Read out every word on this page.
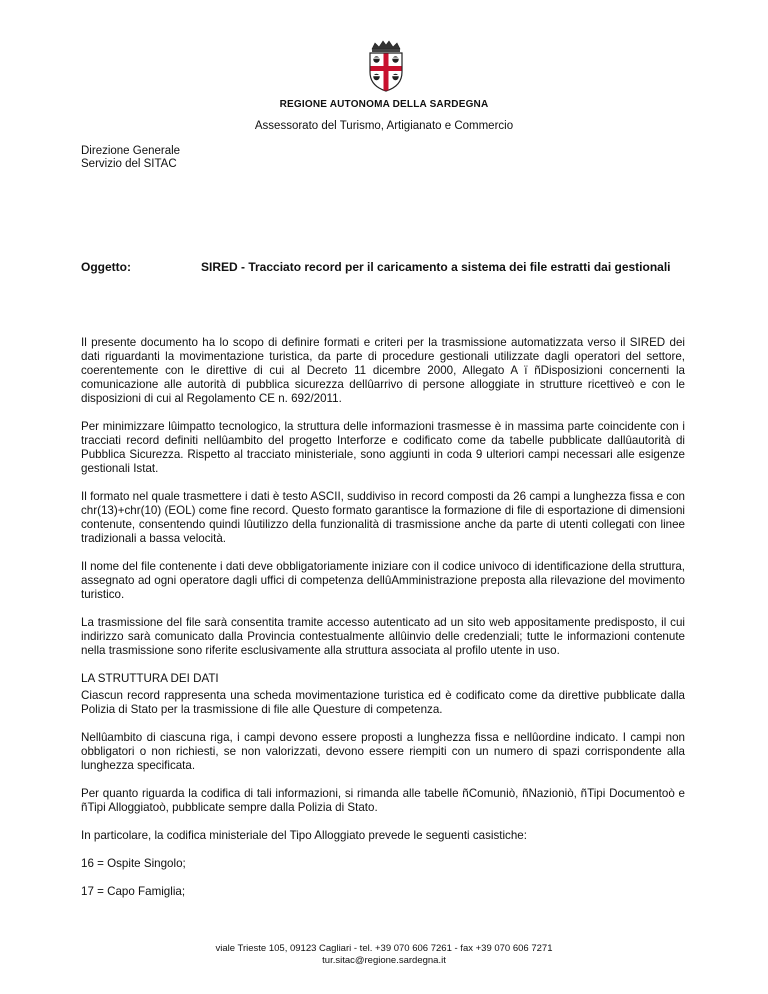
REGIONE AUTONOMA DELLA SARDEGNA
Assessorato del Turismo, Artigianato e Commercio
Direzione Generale
Servizio del SITAC
Oggetto:	SIRED - Tracciato record per il caricamento a sistema dei file estratti dai gestionali

Il presente documento ha lo scopo di definire formati e criteri per la trasmissione automatizzata verso il SIRED dei dati riguardanti la movimentazione turistica, da parte di procedure gestionali utilizzate dagli operatori del settore, coerentemente con le direttive di cui al Decreto 11 dicembre 2000, Allegato A ï ñDisposizioni concernenti la comunicazione alle autorità di pubblica sicurezza dellûarrivo di persone alloggiate in strutture ricettiveò e con le disposizioni di cui al Regolamento CE n. 692/2011.

Per minimizzare lûimpatto tecnologico, la struttura delle informazioni trasmesse è in massima parte coincidente con i tracciati record definiti nellûambito del progetto Interforze e codificato come da tabelle pubblicate dallûautorità di Pubblica Sicurezza. Rispetto al tracciato ministeriale, sono aggiunti in coda 9 ulteriori campi necessari alle esigenze gestionali Istat.

Il formato nel quale trasmettere i dati è testo ASCII, suddiviso in record composti da 26 campi a lunghezza fissa e con chr(13)+chr(10) (EOL) come fine record. Questo formato garantisce la formazione di file di esportazione di dimensioni contenute, consentendo quindi lûutilizzo della funzionalità di trasmissione anche da parte di utenti collegati con linee tradizionali a bassa velocità.

Il nome del file contenente i dati deve obbligatoriamente iniziare con il codice univoco di identificazione della struttura, assegnato ad ogni operatore dagli uffici di competenza dellûAmministrazione preposta alla rilevazione del movimento turistico.

La trasmissione del file sarà consentita tramite accesso autenticato ad un sito web appositamente predisposto, il cui indirizzo sarà comunicato dalla Provincia contestualmente allûinvio delle credenziali; tutte le informazioni contenute nella trasmissione sono riferite esclusivamente alla struttura associata al profilo utente in uso.

LA STRUTTURA DEI DATI

Ciascun record rappresenta una scheda movimentazione turistica ed è codificato come da direttive pubblicate dalla Polizia di Stato per la trasmissione di file alle Questure di competenza.

Nellûambito di ciascuna riga, i campi devono essere proposti a lunghezza fissa e nellûordine indicato. I campi non obbligatori o non richiesti, se non valorizzati, devono essere riempiti con un numero di spazi corrispondente alla lunghezza specificata.

Per quanto riguarda la codifica di tali informazioni, si rimanda alle tabelle ñComuniò, ñNazioniò, ñTipi Documentoò e ñTipi Alloggiatoò, pubblicate sempre dalla Polizia di Stato.

In particolare, la codifica ministeriale del Tipo Alloggiato prevede le seguenti casistiche:

16 = Ospite Singolo;

17 = Capo Famiglia;

viale Trieste 105, 09123 Cagliari - tel. +39 070 606 7261 - fax +39 070 606 7271
tur.sitac@regione.sardegna.it
